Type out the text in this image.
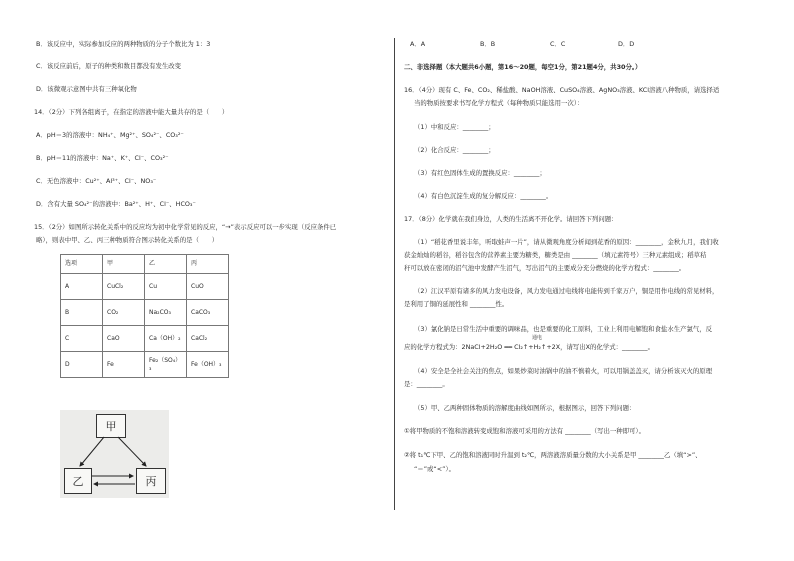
B．该反应中，实际参加反应的两种物质的分子个数比为 1：3
C．该反应前后，原子的种类和数目都没有发生改变
D．该微观示意图中共有三种氧化物
14．（2分）下列各组离子，在指定的溶液中能大量共存的是（　　）
A．pH＝3的溶液中：NH₄⁺、Mg²⁺、SO₄²⁻、CO₃²⁻
B．pH＝11的溶液中：Na⁺、K⁺、Cl⁻、CO₃²⁻
C．无色溶液中：Cu²⁺、Al³⁺、Cl⁻、NO₃⁻
D．含有大量 SO₄²⁻的溶液中：Ba²⁺、H⁺、Cl⁻、HCO₃⁻
15．（2分）如图所示转化关系中的反应均为初中化学常见的反应，“→”表示反应可以一步实现（反应条件已
略），则表中甲、乙、丙三种物质符合图示转化关系的是（　　）
选项	甲	乙	丙
A	CuCl₂	Cu	CuO
B	CO₂	Na₂CO₃	CaCO₃
C	CaO	Ca（OH）₂	CaCl₂
D	Fe	Fe₂（SO₄）₃	Fe（OH）₃
甲
乙	丙
A．A	B．B	C．C	D．D
二、非选择题（本大题共6小题，第16～20题，每空1分，第21题4分，共30分。）
16．（4分）现有 C、Fe、CO₂、稀盐酸、NaOH溶液、CuSO₄溶液、AgNO₃溶液、KCl溶液八种物质，请选择适
当的物质按要求书写化学方程式（每种物质只能选用一次）：
（1）中和反应：________；
（2）化合反应：________；
（3）有红色固体生成的置换反应：________；
（4）有白色沉淀生成的复分解反应：________。
17．（8分）化学就在我们身边，人类的生活离不开化学。请回答下列问题：
（1）“稻花香里说丰年，听取蛙声一片”，请从微观角度分析闻到花香的原因：________，金秋九月，我们收
获金灿灿的稻谷，稻谷包含的营养素主要为糖类，糖类是由 ________（填元素符号）三种元素组成；稻草秸
秆可以放在密闭的沼气池中发酵产生沼气，写出沼气的主要成分充分燃烧的化学方程式：________。
（2）江汉平原有诸多的风力发电设备，风力发电通过电线将电能传到千家万户，铜是用作电线的常见材料，
是利用了铜的延展性和 ________性。
（3）氯化钠是日常生活中重要的调味品，也是重要的化工原料，工业上利用电解饱和食盐水生产氯气，反
通电
应的化学方程式为：2NaCl+2H₂O ══ Cl₂↑+H₂↑+2X，请写出X的化学式：________。
（4）安全是全社会关注的焦点，如果炒菜时油锅中的油不慎着火，可以用锅盖盖灭，请分析该灭火的原理
是：________。
（5）甲、乙两种固体物质的溶解度曲线如图所示，根据图示，回答下列问题：
①将甲物质的不饱和溶液转变成饱和溶液可采用的方法有 ________（写出一种即可）。
②将 t₁℃下甲、乙的饱和溶液同时升温到 t₂℃，两溶液溶质量分数的大小关系是甲 ________乙（填“>”、
“＝”或“<”）。
